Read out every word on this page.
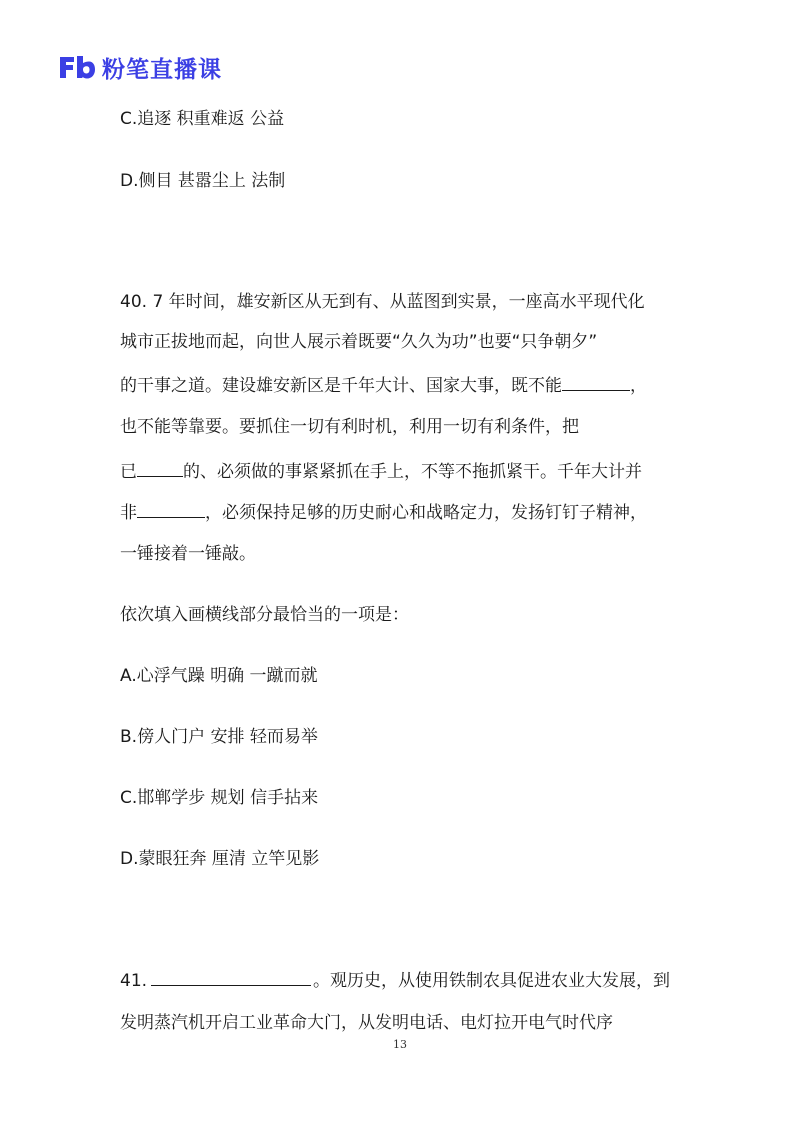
粉笔直播课
C.追逐 积重难返 公益
D.侧目 甚嚣尘上 法制
40. 7 年时间，雄安新区从无到有、从蓝图到实景，一座高水平现代化
城市正拔地而起，向世人展示着既要“久久为功”也要“只争朝夕”
的干事之道。建设雄安新区是千年大计、国家大事，既不能	，
也不能等靠要。要抓住一切有利时机，利用一切有利条件，把
已	的、必须做的事紧紧抓在手上，不等不拖抓紧干。千年大计并
非	，必须保持足够的历史耐心和战略定力，发扬钉钉子精神，
一锤接着一锤敲。
依次填入画横线部分最恰当的一项是：
A.心浮气躁 明确 一蹴而就
B.傍人门户 安排 轻而易举
C.邯郸学步 规划 信手拈来
D.蒙眼狂奔 厘清 立竿见影
41.	。观历史，从使用铁制农具促进农业大发展，到
发明蒸汽机开启工业革命大门，从发明电话、电灯拉开电气时代序
13
